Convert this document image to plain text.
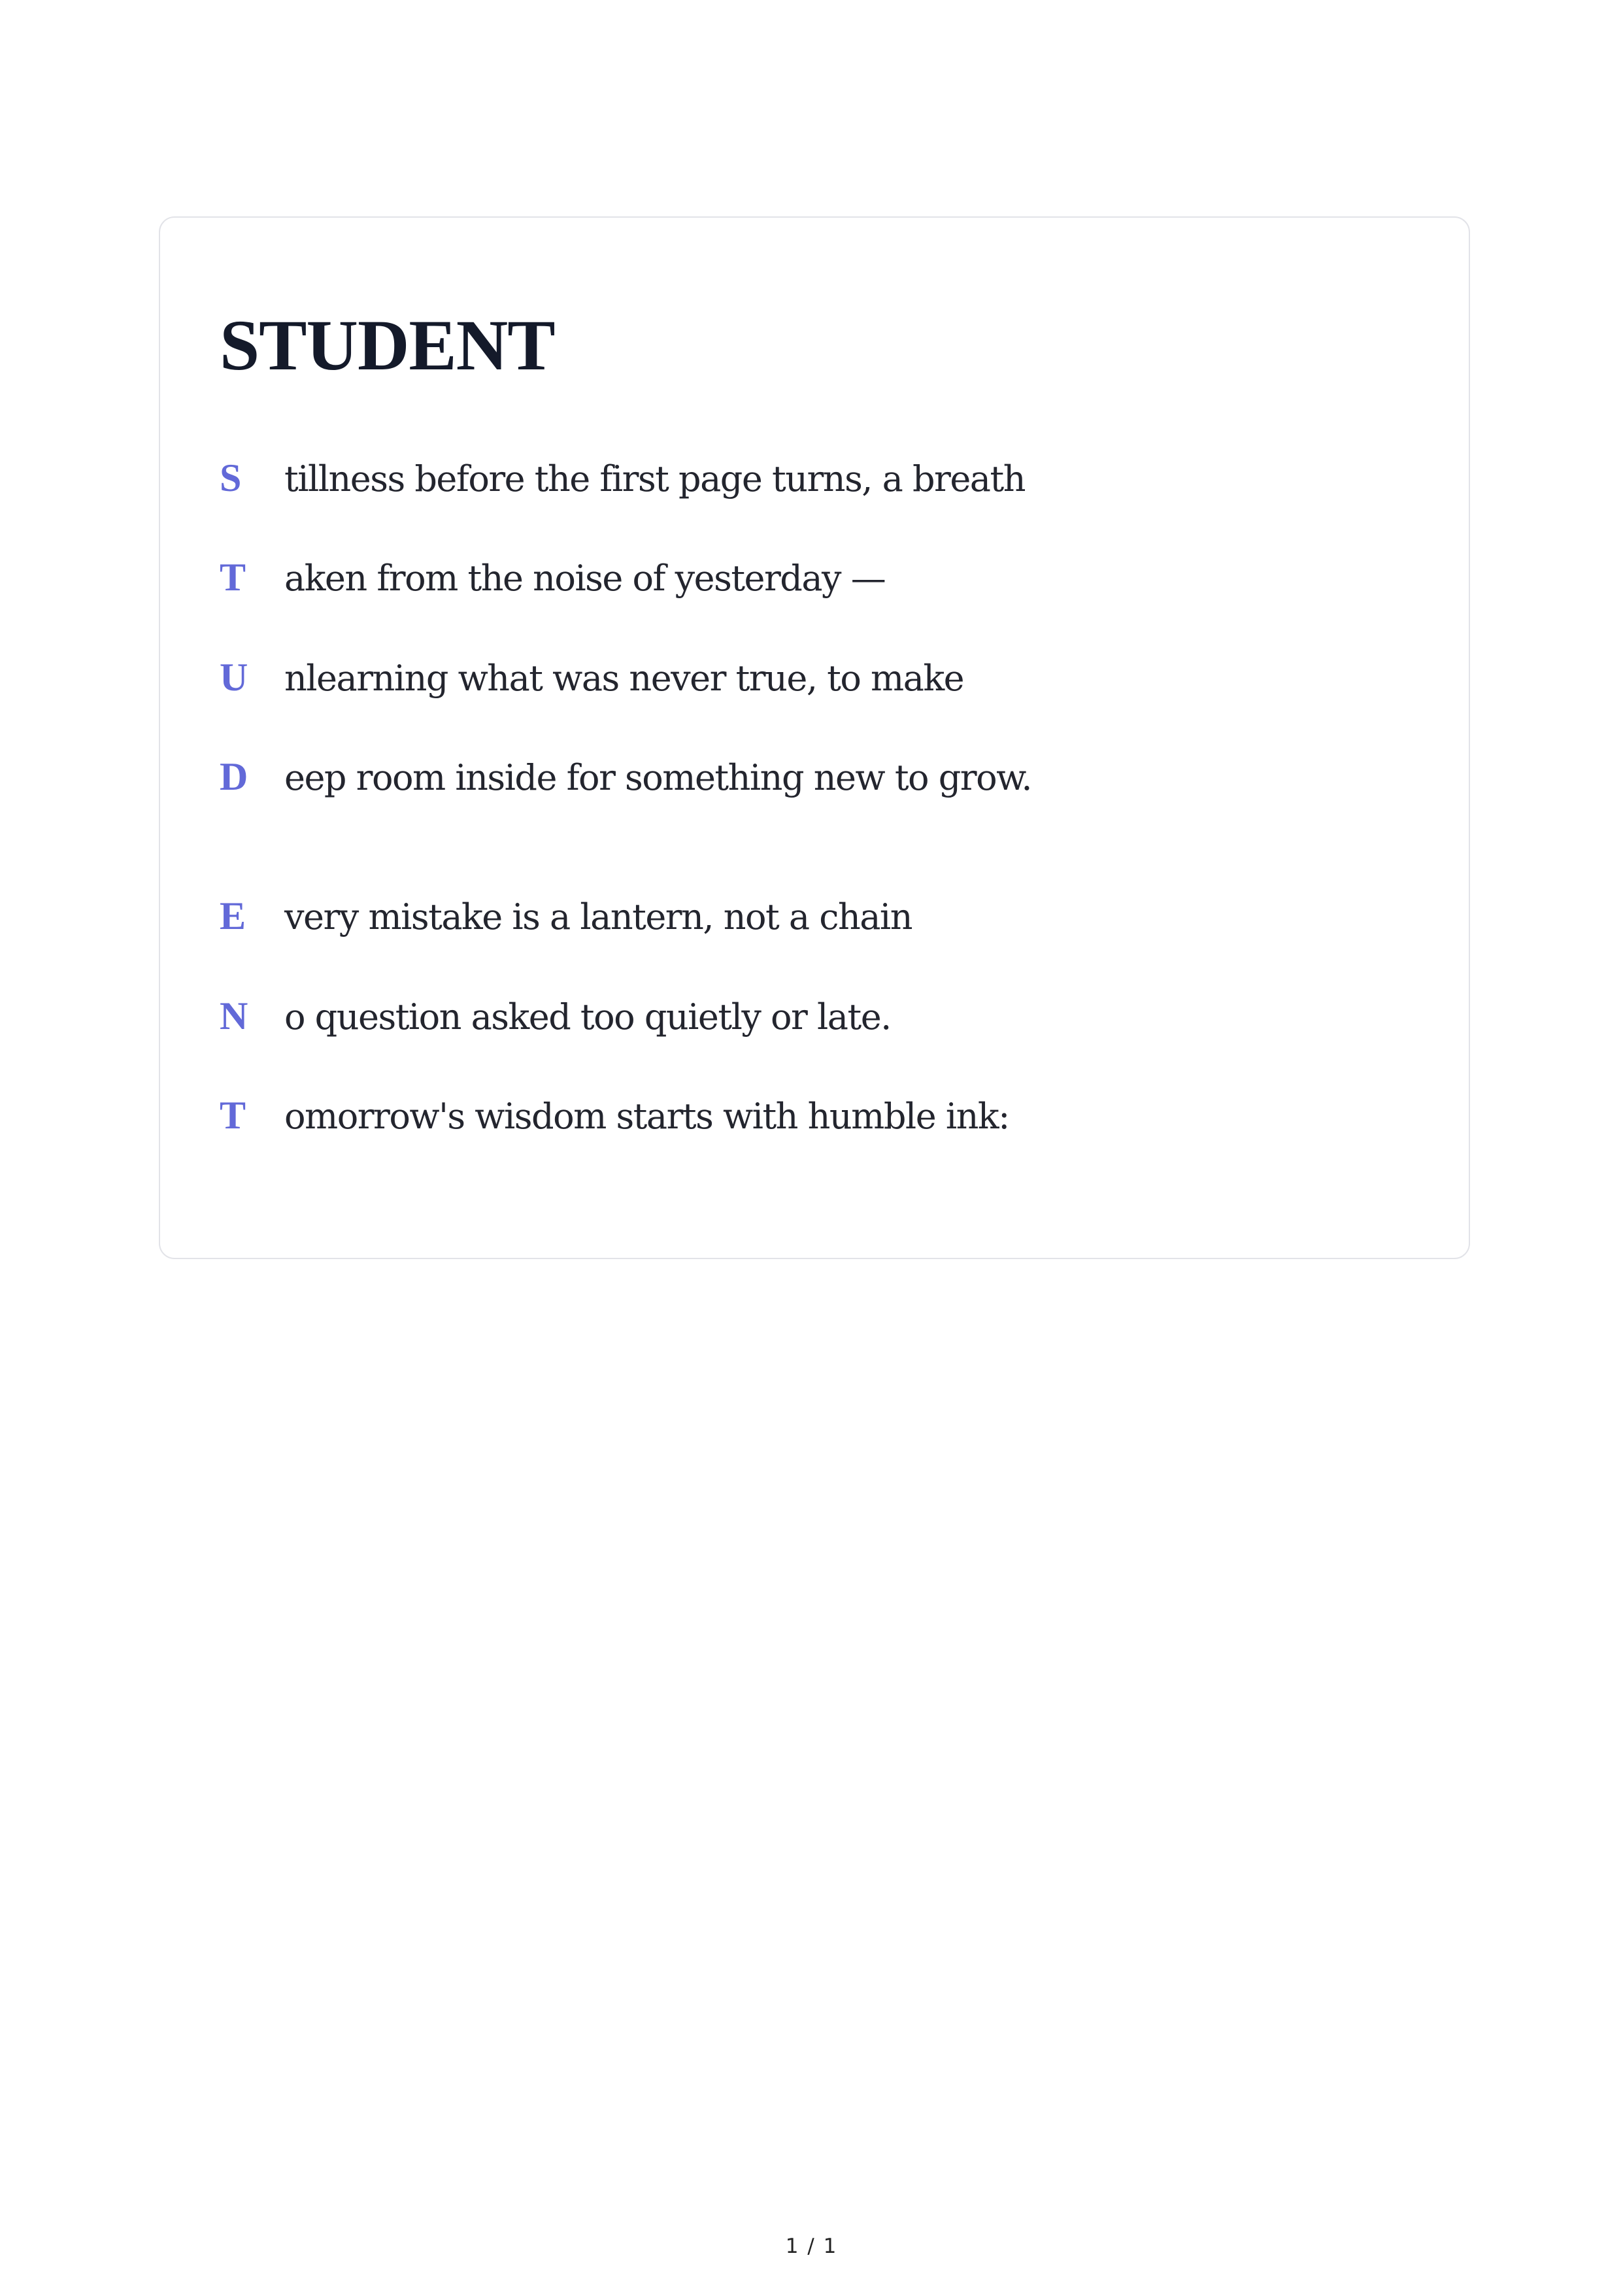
STUDENT
S	tillness before the first page turns, a breath
T	aken from the noise of yesterday —
U	nlearning what was never true, to make
D	eep room inside for something new to grow.
E	very mistake is a lantern, not a chain
N	o question asked too quietly or late.
T	omorrow's wisdom starts with humble ink:
1 / 1
